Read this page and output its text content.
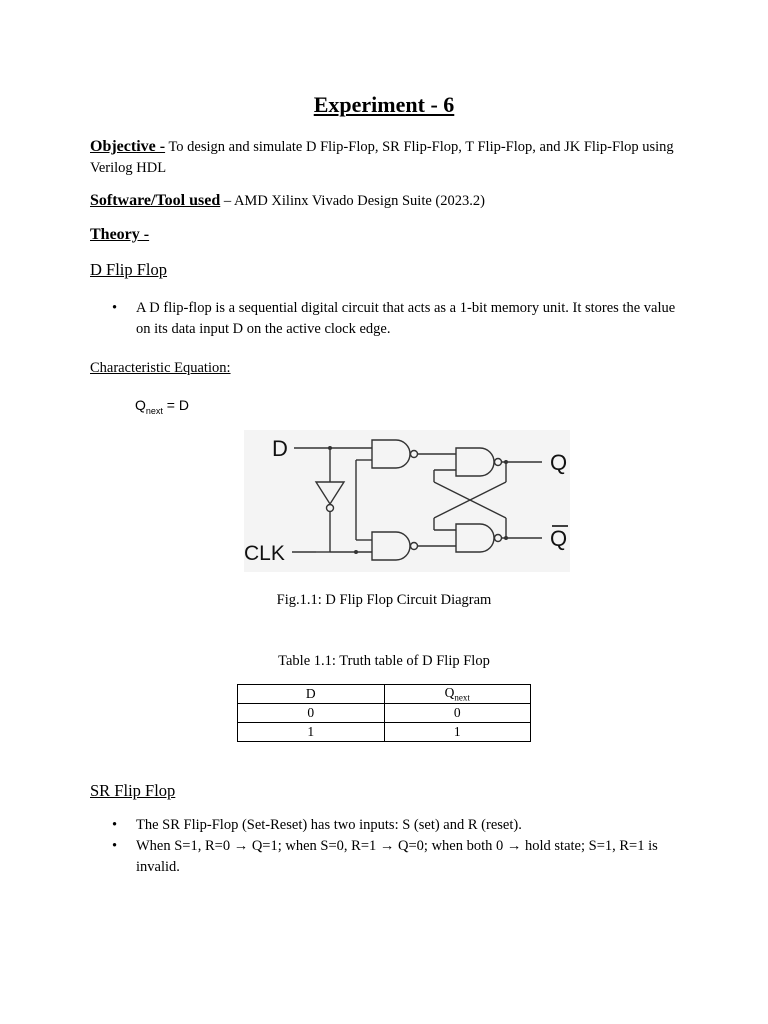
Experiment - 6
Objective - To design and simulate D Flip-Flop, SR Flip-Flop, T Flip-Flop, and JK Flip-Flop using Verilog HDL
Software/Tool used – AMD Xilinx Vivado Design Suite (2023.2)
Theory -
D Flip Flop
• A D flip-flop is a sequential digital circuit that acts as a 1-bit memory unit. It stores the value on its data input D on the active clock edge.
Characteristic Equation:
$Q_{next} = D$
D
CLK
Q
Q
Fig.1.1: D Flip Flop Circuit Diagram
Table 1.1: Truth table of D Flip Flop
D	$Q_{next}$
0	0
1	1
SR Flip Flop
• The SR Flip-Flop (Set-Reset) has two inputs: S (set) and R (reset).
• When S=1, R=0 → Q=1; when S=0, R=1 → Q=0; when both 0 → hold state; S=1, R=1 is invalid.
